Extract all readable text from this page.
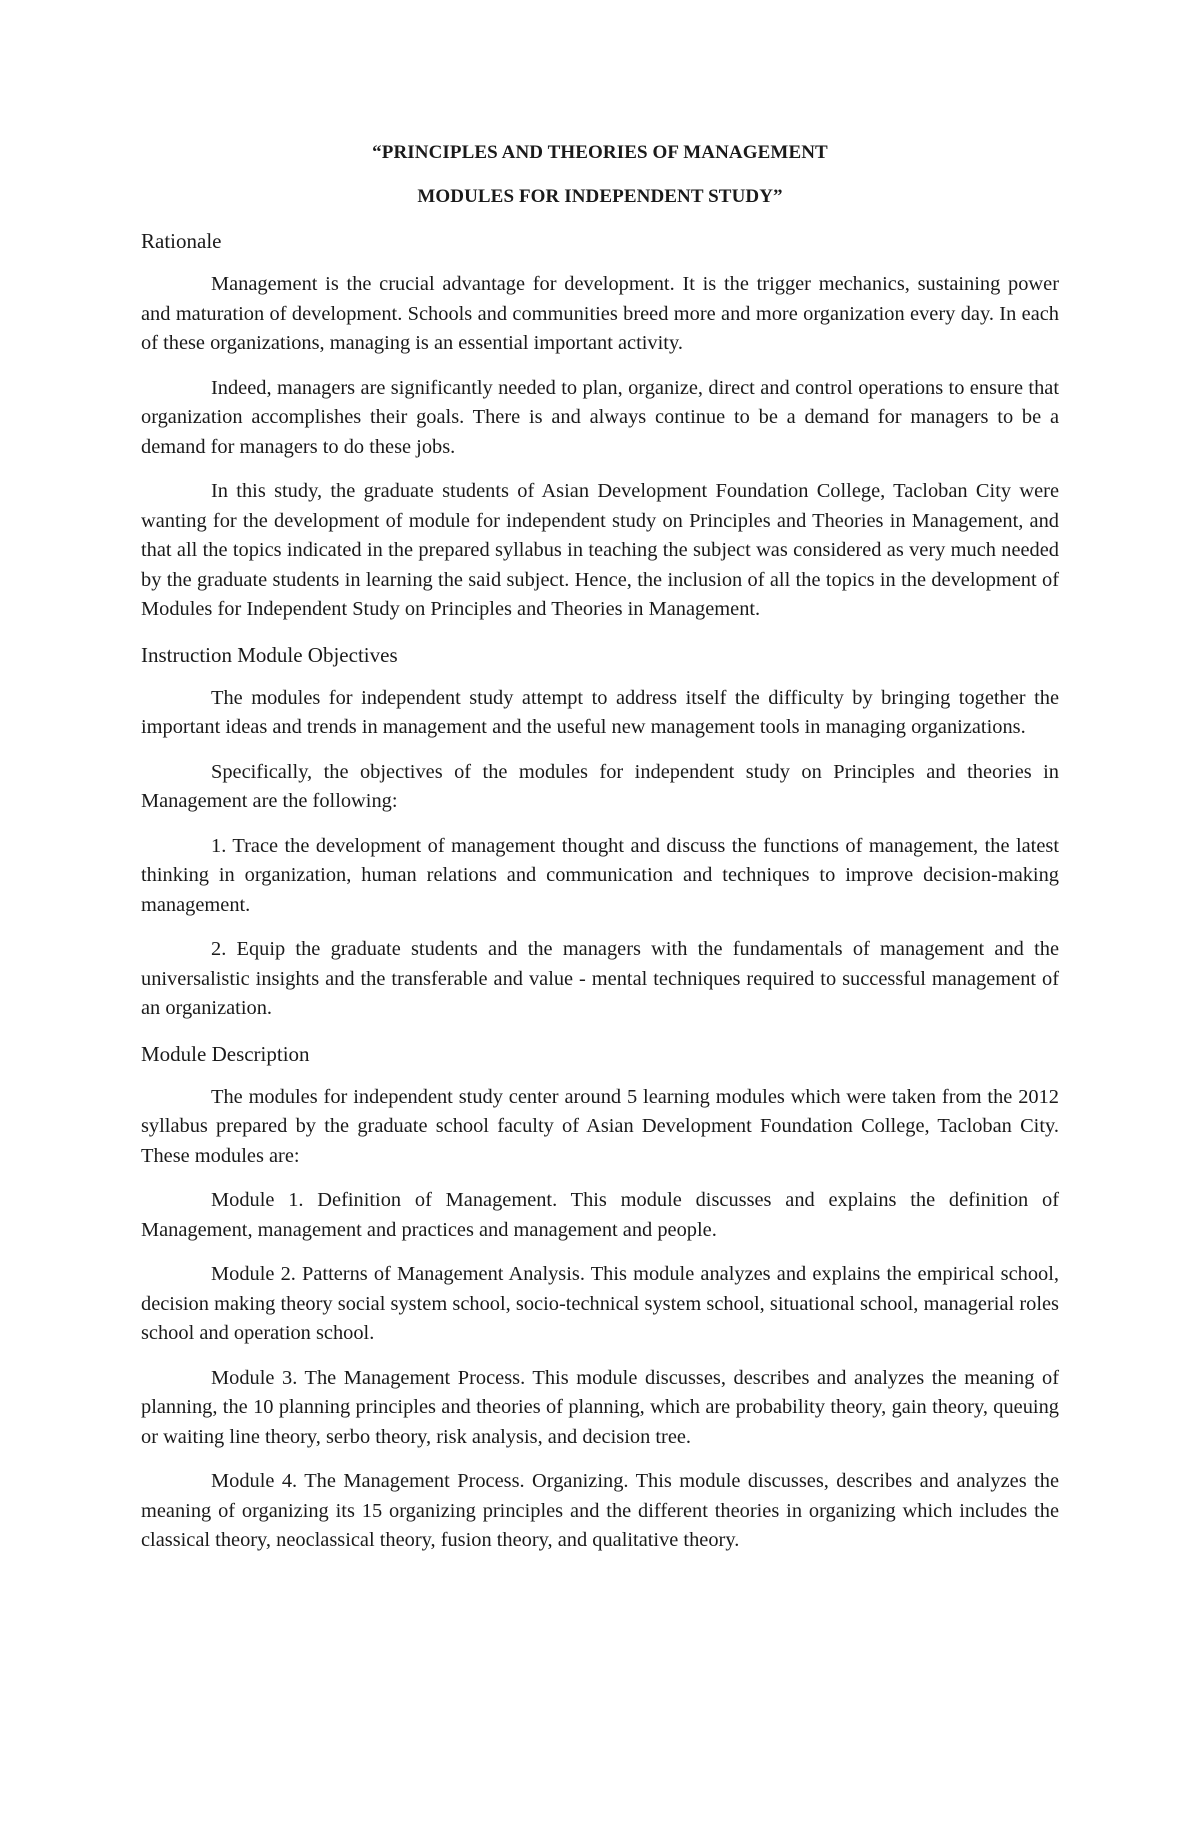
“PRINCIPLES AND THEORIES OF MANAGEMENT
MODULES FOR INDEPENDENT STUDY”
Rationale

Management is the crucial advantage for development. It is the trigger mechanics, sustaining power and maturation of development. Schools and communities breed more and more organization every day. In each of these organizations, managing is an essential important activity.

Indeed, managers are significantly needed to plan, organize, direct and control operations to ensure that organization accomplishes their goals. There is and always continue to be a demand for managers to be a demand for managers to do these jobs.

In this study, the graduate students of Asian Development Foundation College, Tacloban City were wanting for the development of module for independent study on Principles and Theories in Management, and that all the topics indicated in the prepared syllabus in teaching the subject was considered as very much needed by the graduate students in learning the said subject. Hence, the inclusion of all the topics in the development of Modules for Independent Study on Principles and Theories in Management.

Instruction Module Objectives

The modules for independent study attempt to address itself the difficulty by bringing together the important ideas and trends in management and the useful new management tools in managing organizations.

Specifically, the objectives of the modules for independent study on Principles and theories in Management are the following:

1. Trace the development of management thought and discuss the functions of management, the latest thinking in organization, human relations and communication and techniques to improve decision-making management.

2. Equip the graduate students and the managers with the fundamentals of management and the universalistic insights and the transferable and value - mental techniques required to successful management of an organization.

Module Description

The modules for independent study center around 5 learning modules which were taken from the 2012 syllabus prepared by the graduate school faculty of Asian Development Foundation College, Tacloban City. These modules are:

Module 1. Definition of Management. This module discusses and explains the definition of Management, management and practices and management and people.

Module 2. Patterns of Management Analysis. This module analyzes and explains the empirical school, decision making theory social system school, socio-technical system school, situational school, managerial roles school and operation school.

Module 3. The Management Process. This module discusses, describes and analyzes the meaning of planning, the 10 planning principles and theories of planning, which are probability theory, gain theory, queuing or waiting line theory, serbo theory, risk analysis, and decision tree.

Module 4. The Management Process. Organizing. This module discusses, describes and analyzes the meaning of organizing its 15 organizing principles and the different theories in organizing which includes the classical theory, neoclassical theory, fusion theory, and qualitative theory.
